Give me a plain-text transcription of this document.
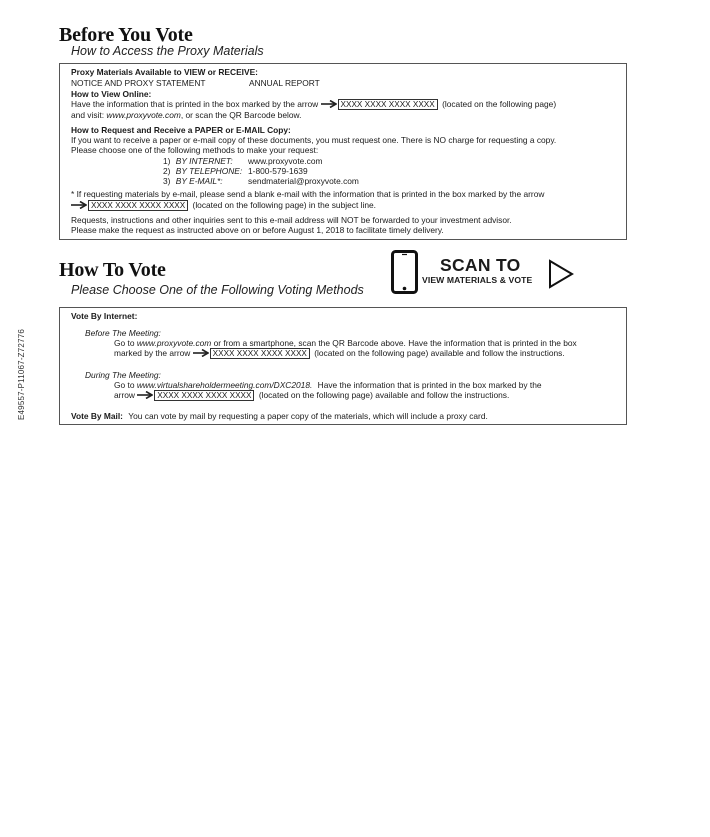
E49557-P11067-Z72776
Before You Vote
How to Access the Proxy Materials
Proxy Materials Available to VIEW or RECEIVE:
NOTICE AND PROXY STATEMENT	ANNUAL REPORT
How to View Online:
Have the information that is printed in the box marked by the arrow	XXXX XXXX XXXX XXXX (located on the following page)
and visit: www.proxyvote.com, or scan the QR Barcode below.
How to Request and Receive a PAPER or E-MAIL Copy:
If you want to receive a paper or e-mail copy of these documents, you must request one. There is NO charge for requesting a copy.
Please choose one of the following methods to make your request:
1) BY INTERNET: www.proxyvote.com
2) BY TELEPHONE: 1-800-579-1639
3) BY E-MAIL*:	sendmaterial@proxyvote.com
* If requesting materials by e-mail, please send a blank e-mail with the information that is printed in the box marked by the arrow
XXXX XXXX XXXX XXXX (located on the following page) in the subject line.
Requests, instructions and other inquiries sent to this e-mail address will NOT be forwarded to your investment advisor.
Please make the request as instructed above on or before August 1, 2018 to facilitate timely delivery.
How To Vote
Please Choose One of the Following Voting Methods
SCAN TO
VIEW MATERIALS & VOTE
Vote By Internet:
Before The Meeting:
Go to www.proxyvote.com or from a smartphone, scan the QR Barcode above. Have the information that is printed in the box
marked by the arrow	XXXX XXXX XXXX XXXX (located on the following page) available and follow the instructions.
During The Meeting:
Go to www.virtualshareholdermeeting.com/DXC2018. Have the information that is printed in the box marked by the
arrow	XXXX XXXX XXXX XXXX (located on the following page) available and follow the instructions.
Vote By Mail: You can vote by mail by requesting a paper copy of the materials, which will include a proxy card.
